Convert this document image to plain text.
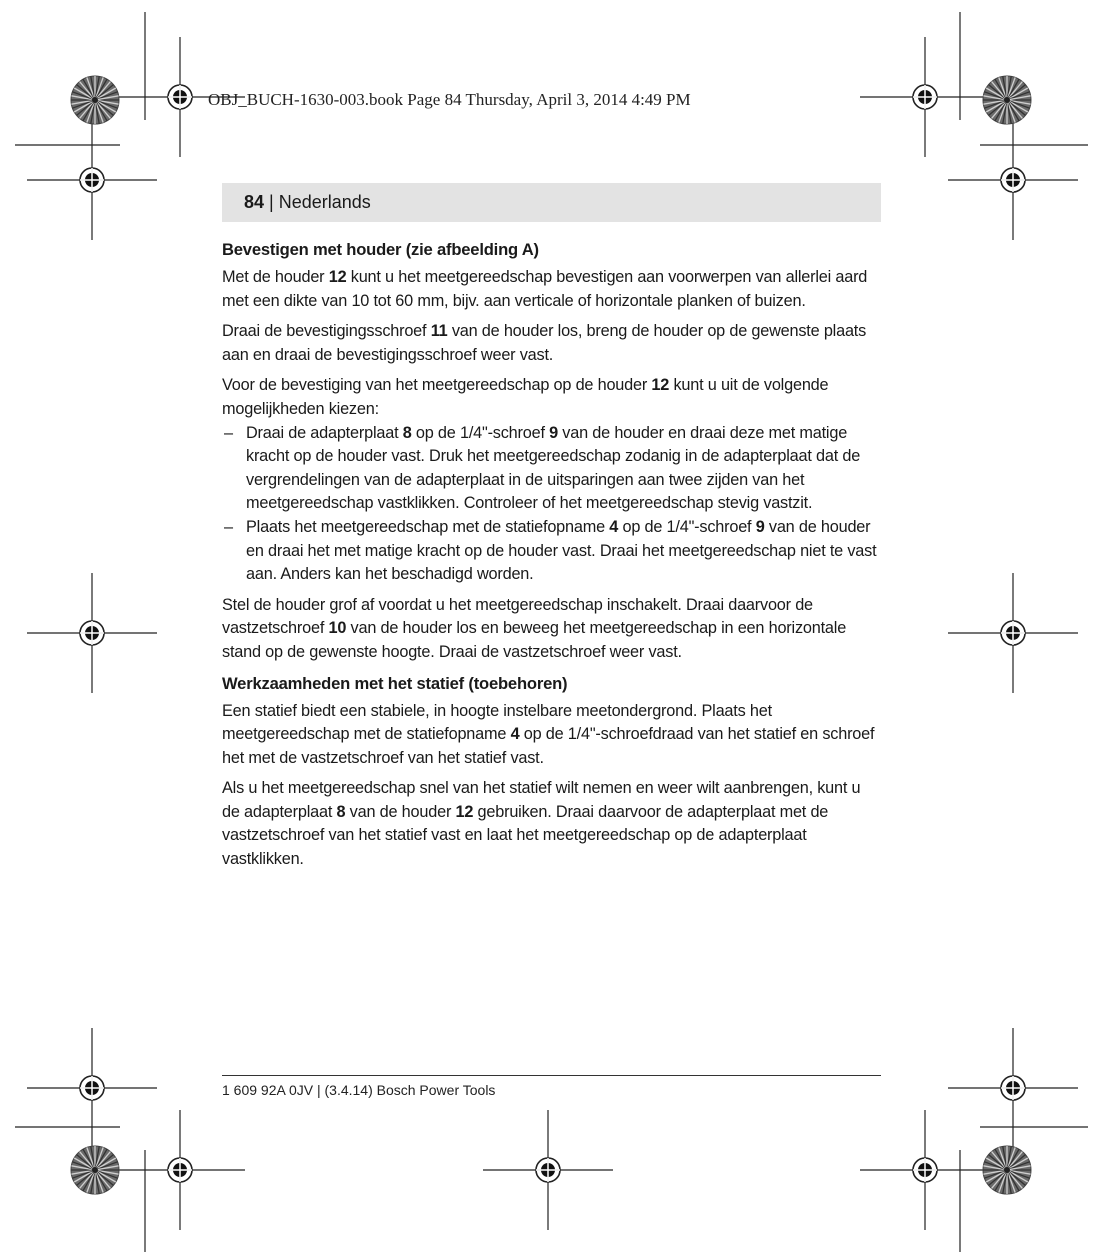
OBJ_BUCH-1630-003.book Page 84 Thursday, April 3, 2014 4:49 PM
84 | Nederlands
Bevestigen met houder (zie afbeelding A)

Met de houder 12 kunt u het meetgereedschap bevestigen aan voorwerpen van allerlei aard met een dikte van 10 tot 60 mm, bijv. aan verticale of horizontale planken of buizen.

Draai de bevestigingsschroef 11 van de houder los, breng de houder op de gewenste plaats aan en draai de bevestigingsschroef weer vast.

Voor de bevestiging van het meetgereedschap op de houder 12 kunt u uit de volgende mogelijkheden kiezen:

– Draai de adapterplaat 8 op de 1/4"-schroef 9 van de houder en draai deze met matige kracht op de houder vast. Druk het meetgereedschap zodanig in de adapterplaat dat de vergrendelingen van de adapterplaat in de uitsparingen aan twee zijden van het meetgereedschap vastklikken. Controleer of het meetgereedschap stevig vastzit.
– Plaats het meetgereedschap met de statiefopname 4 op de 1/4"-schroef 9 van de houder en draai het met matige kracht op de houder vast. Draai het meetgereedschap niet te vast aan. Anders kan het beschadigd worden.

Stel de houder grof af voordat u het meetgereedschap inschakelt. Draai daarvoor de vastzetschroef 10 van de houder los en beweeg het meetgereedschap in een horizontale stand op de gewenste hoogte. Draai de vastzetschroef weer vast.

Werkzaamheden met het statief (toebehoren)

Een statief biedt een stabiele, in hoogte instelbare meetondergrond. Plaats het meetgereedschap met de statiefopname 4 op de 1/4"-schroefdraad van het statief en schroef het met de vastzetschroef van het statief vast.

Als u het meetgereedschap snel van het statief wilt nemen en weer wilt aanbrengen, kunt u de adapterplaat 8 van de houder 12 gebruiken. Draai daarvoor de adapterplaat met de vastzetschroef van het statief vast en laat het meetgereedschap op de adapterplaat vastklikken.

1 609 92A 0JV | (3.4.14) Bosch Power Tools
